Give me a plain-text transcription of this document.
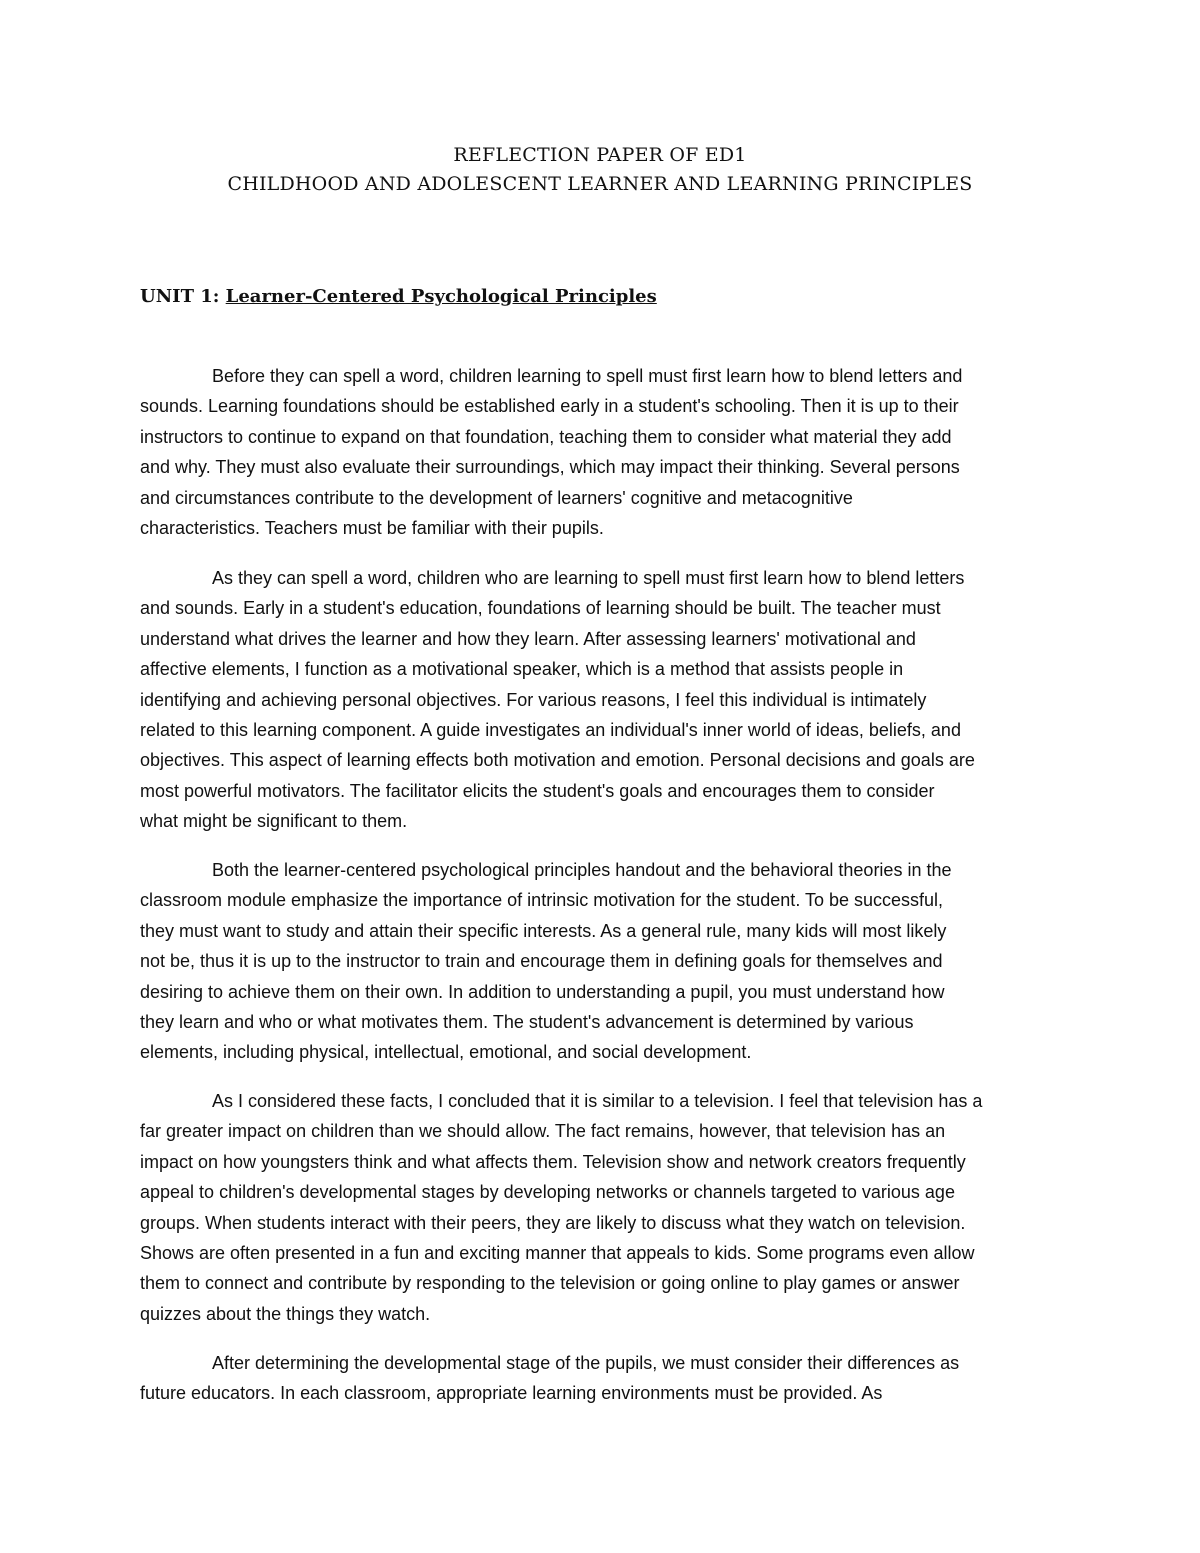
REFLECTION PAPER OF ED1
CHILDHOOD AND ADOLESCENT LEARNER AND LEARNING PRINCIPLES
UNIT 1: Learner-Centered Psychological Principles
Before they can spell a word, children learning to spell must first learn how to blend letters and
sounds. Learning foundations should be established early in a student's schooling. Then it is up to their
instructors to continue to expand on that foundation, teaching them to consider what material they add
and why. They must also evaluate their surroundings, which may impact their thinking. Several persons
and circumstances contribute to the development of learners' cognitive and metacognitive
characteristics. Teachers must be familiar with their pupils.
As they can spell a word, children who are learning to spell must first learn how to blend letters
and sounds. Early in a student's education, foundations of learning should be built. The teacher must
understand what drives the learner and how they learn. After assessing learners' motivational and
affective elements, I function as a motivational speaker, which is a method that assists people in
identifying and achieving personal objectives. For various reasons, I feel this individual is intimately
related to this learning component. A guide investigates an individual's inner world of ideas, beliefs, and
objectives. This aspect of learning effects both motivation and emotion. Personal decisions and goals are
most powerful motivators. The facilitator elicits the student's goals and encourages them to consider
what might be significant to them.
Both the learner-centered psychological principles handout and the behavioral theories in the
classroom module emphasize the importance of intrinsic motivation for the student. To be successful,
they must want to study and attain their specific interests. As a general rule, many kids will most likely
not be, thus it is up to the instructor to train and encourage them in defining goals for themselves and
desiring to achieve them on their own. In addition to understanding a pupil, you must understand how
they learn and who or what motivates them. The student's advancement is determined by various
elements, including physical, intellectual, emotional, and social development.
As I considered these facts, I concluded that it is similar to a television. I feel that television has a
far greater impact on children than we should allow. The fact remains, however, that television has an
impact on how youngsters think and what affects them. Television show and network creators frequently
appeal to children's developmental stages by developing networks or channels targeted to various age
groups. When students interact with their peers, they are likely to discuss what they watch on television.
Shows are often presented in a fun and exciting manner that appeals to kids. Some programs even allow
them to connect and contribute by responding to the television or going online to play games or answer
quizzes about the things they watch.
After determining the developmental stage of the pupils, we must consider their differences as
future educators. In each classroom, appropriate learning environments must be provided. As
